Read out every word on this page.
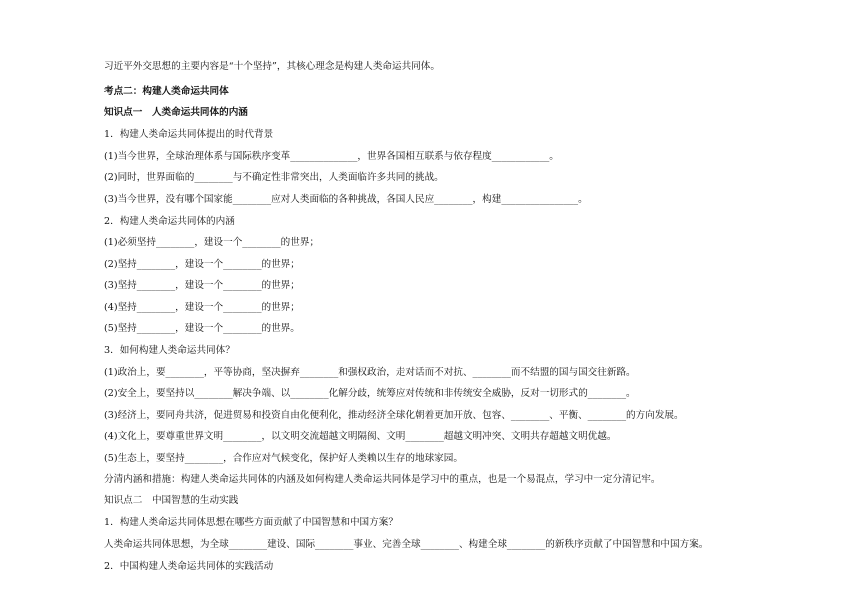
习近平外交思想的主要内容是“十个坚持”，其核心理念是构建人类命运共同体。

考点二：构建人类命运共同体

知识点一　人类命运共同体的内涵

1．构建人类命运共同体提出的时代背景

(1)当今世界，全球治理体系与国际秩序变革______________，世界各国相互联系与依存程度____________。

(2)同时，世界面临的________与不确定性非常突出，人类面临许多共同的挑战。

(3)当今世界，没有哪个国家能________应对人类面临的各种挑战，各国人民应________，构建________________。

2．构建人类命运共同体的内涵

(1)必须坚持________，建设一个________的世界；

(2)坚持________，建设一个________的世界；

(3)坚持________，建设一个________的世界；

(4)坚持________，建设一个________的世界；

(5)坚持________，建设一个________的世界。

3．如何构建人类命运共同体？

(1)政治上，要________，平等协商，坚决摒弃________和强权政治，走对话而不对抗、________而不结盟的国与国交往新路。

(2)安全上，要坚持以________解决争端、以________化解分歧，统筹应对传统和非传统安全威胁，反对一切形式的________。

(3)经济上，要同舟共济，促进贸易和投资自由化便利化，推动经济全球化朝着更加开放、包容、________、平衡、________的方向发展。

(4)文化上，要尊重世界文明________，以文明交流超越文明隔阂、文明________超越文明冲突、文明共存超越文明优越。

(5)生态上，要坚持________，合作应对气候变化，保护好人类赖以生存的地球家园。

分清内涵和措施：构建人类命运共同体的内涵及如何构建人类命运共同体是学习中的重点，也是一个易混点，学习中一定分清记牢。

知识点二　中国智慧的生动实践

1．构建人类命运共同体思想在哪些方面贡献了中国智慧和中国方案？

人类命运共同体思想，为全球________建设、国际________事业、完善全球________、构建全球________的新秩序贡献了中国智慧和中国方案。

2．中国构建人类命运共同体的实践活动
